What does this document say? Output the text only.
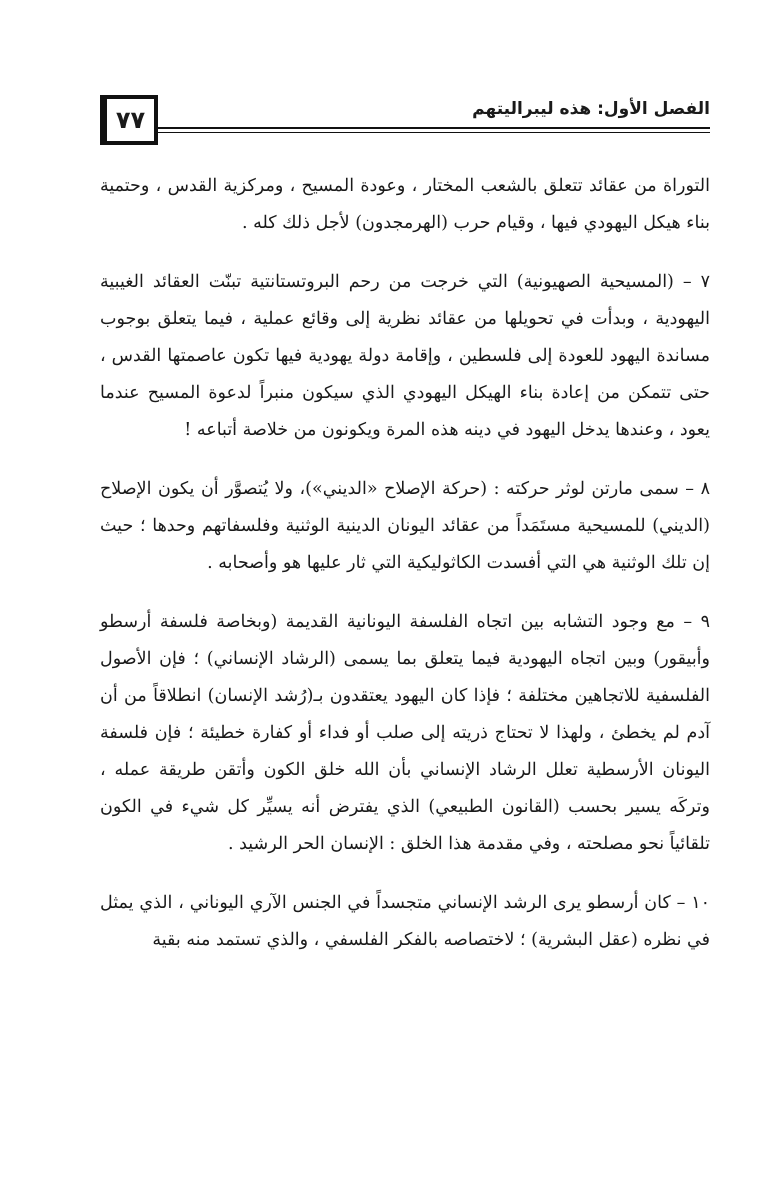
٧٧	الفصل الأول: هذه ليبراليتهم

التوراة من عقائد تتعلق بالشعب المختار ، وعودة المسيح ، ومركزية القدس ، وحتمية بناء هيكل اليهودي فيها ، وقيام حرب (الهرمجدون) لأجل ذلك كله .

٧ – (المسيحية الصهيونية) التي خرجت من رحم البروتستانتية تبنّت العقائد الغيبية اليهودية ، وبدأت في تحويلها من عقائد نظرية إلى وقائع عملية ، فيما يتعلق بوجوب مساندة اليهود للعودة إلى فلسطين ، وإقامة دولة يهودية فيها تكون عاصمتها القدس ، حتى تتمكن من إعادة بناء الهيكل اليهودي الذي سيكون منبراً لدعوة المسيح عندما يعود ، وعندها يدخل اليهود في دينه هذه المرة ويكونون من خلاصة أتباعه !

٨ – سمى مارتن لوثر حركته : (حركة الإصلاح «الديني»)، ولا يُتصوَّر أن يكون الإصلاح (الديني) للمسيحية مستَمَداً من عقائد اليونان الدينية الوثنية وفلسفاتهم وحدها ؛ حيث إن تلك الوثنية هي التي أفسدت الكاثوليكية التي ثار عليها هو وأصحابه .

٩ – مع وجود التشابه بين اتجاه الفلسفة اليونانية القديمة (وبخاصة فلسفة أرسطو وأبيقور) وبين اتجاه اليهودية فيما يتعلق بما يسمى (الرشاد الإنساني) ؛ فإن الأصول الفلسفية للاتجاهين مختلفة ؛ فإذا كان اليهود يعتقدون بـ(رُشد الإنسان) انطلاقاً من أن آدم لم يخطئ ، ولهذا لا تحتاج ذريته إلى صلب أو فداء أو كفارة خطيئة ؛ فإن فلسفة اليونان الأرسطية تعلل الرشاد الإنساني بأن الله خلق الكون وأتقن طريقة عمله ، وتركَه يسير بحسب (القانون الطبيعي) الذي يفترض أنه يسيِّر كل شيء في الكون تلقائياً نحو مصلحته ، وفي مقدمة هذا الخلق : الإنسان الحر الرشيد .

١٠ – كان أرسطو يرى الرشد الإنساني متجسداً في الجنس الآري اليوناني ، الذي يمثل في نظره (عقل البشرية) ؛ لاختصاصه بالفكر الفلسفي ، والذي تستمد منه بقية
